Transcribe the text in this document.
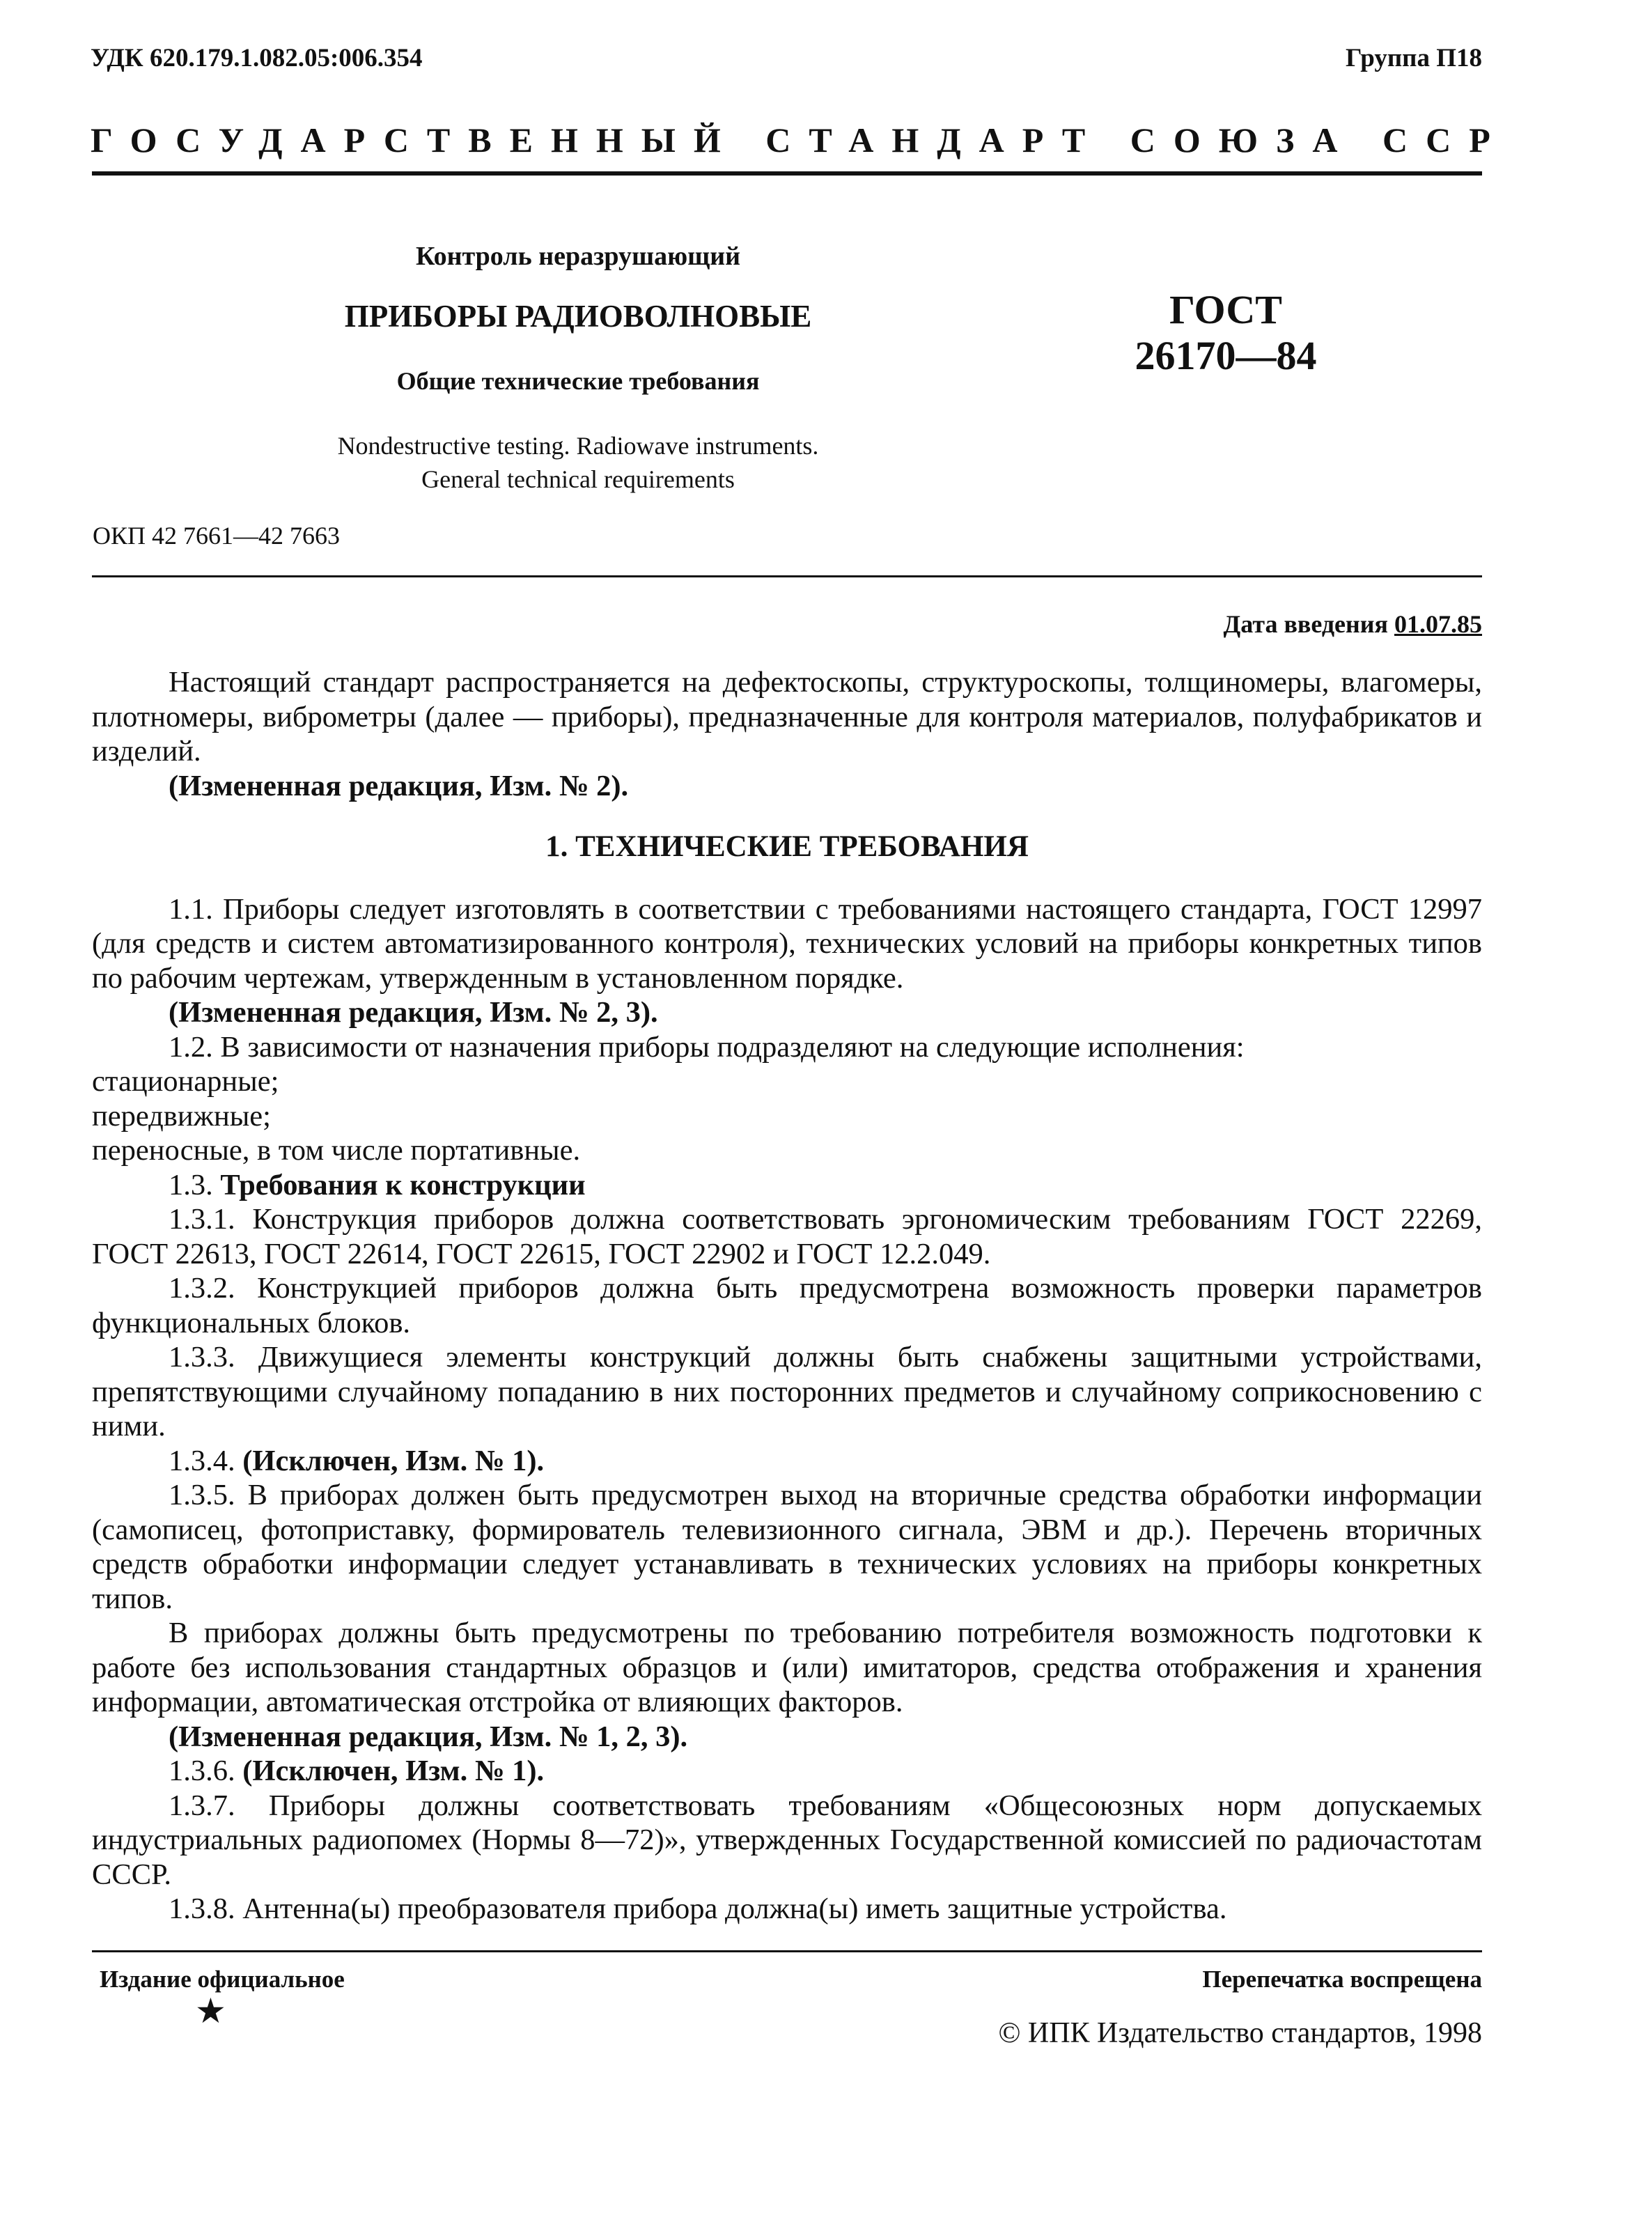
УДК 620.179.1.082.05:006.354	Группа П18
ГОСУДАРСТВЕННЫЙ СТАНДАРТ СОЮЗА ССР
Контроль неразрушающий
ПРИБОРЫ РАДИОВОЛНОВЫЕ
Общие технические требования
Nondestructive testing. Radiowave instruments.
General technical requirements
ГОСТ
26170—84
ОКП 42 7661—42 7663
Дата введения 01.07.85

Настоящий стандарт распространяется на дефектоскопы, структуроскопы, толщиномеры, влагомеры, плотномеры, виброметры (далее — приборы), предназначенные для контроля материалов, полуфабрикатов и изделий.

(Измененная редакция, Изм. № 2).

1. ТЕХНИЧЕСКИЕ ТРЕБОВАНИЯ

1.1. Приборы следует изготовлять в соответствии с требованиями настоящего стандарта, ГОСТ 12997 (для средств и систем автоматизированного контроля), технических условий на приборы конкретных типов по рабочим чертежам, утвержденным в установленном порядке.

(Измененная редакция, Изм. № 2, 3).

1.2. В зависимости от назначения приборы подразделяют на следующие исполнения:

стационарные;

передвижные;

переносные, в том числе портативные.

1.3. Требования к конструкции

1.3.1. Конструкция приборов должна соответствовать эргономическим требованиям ГОСТ 22269, ГОСТ 22613, ГОСТ 22614, ГОСТ 22615, ГОСТ 22902 и ГОСТ 12.2.049.

1.3.2. Конструкцией приборов должна быть предусмотрена возможность проверки параметров функциональных блоков.

1.3.3. Движущиеся элементы конструкций должны быть снабжены защитными устройствами, препятствующими случайному попаданию в них посторонних предметов и случайному соприкосновению с ними.

1.3.4. (Исключен, Изм. № 1).

1.3.5. В приборах должен быть предусмотрен выход на вторичные средства обработки информации (самописец, фотоприставку, формирователь телевизионного сигнала, ЭВМ и др.). Перечень вторичных средств обработки информации следует устанавливать в технических условиях на приборы конкретных типов.

В приборах должны быть предусмотрены по требованию потребителя возможность подготовки к работе без использования стандартных образцов и (или) имитаторов, средства отображения и хранения информации, автоматическая отстройка от влияющих факторов.

(Измененная редакция, Изм. № 1, 2, 3).

1.3.6. (Исключен, Изм. № 1).

1.3.7. Приборы должны соответствовать требованиям «Общесоюзных норм допускаемых индустриальных радиопомех (Нормы 8—72)», утвержденных Государственной комиссией по радиочастотам СССР.

1.3.8. Антенна(ы) преобразователя прибора должна(ы) иметь защитные устройства.

Издание официальное	Перепечатка воспрещена
★
© ИПК Издательство стандартов, 1998
